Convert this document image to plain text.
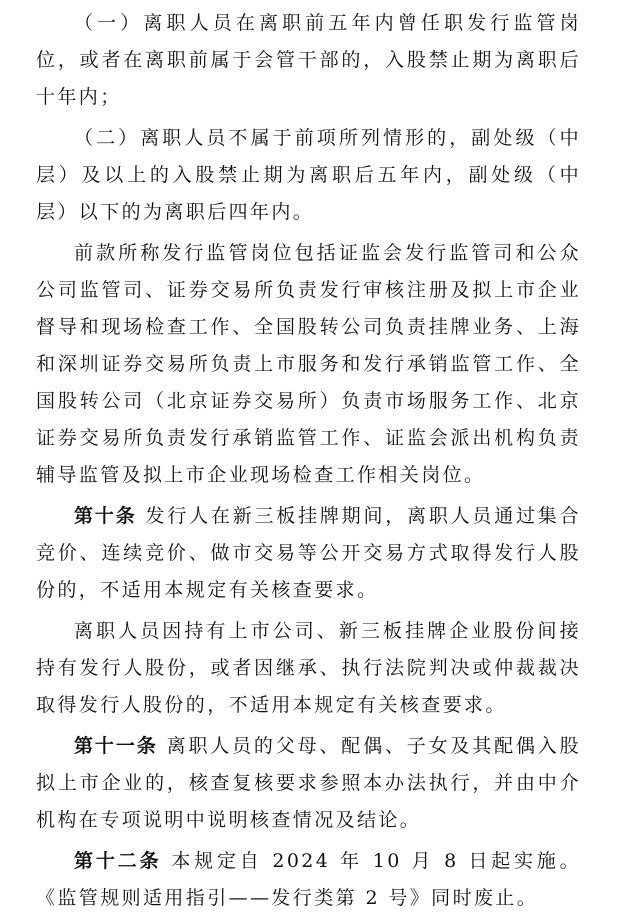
（一）离职人员在离职前五年内曾任职发行监管岗位，或者在离职前属于会管干部的，入股禁止期为离职后十年内；

（二）离职人员不属于前项所列情形的，副处级（中层）及以上的入股禁止期为离职后五年内，副处级（中层）以下的为离职后四年内。

前款所称发行监管岗位包括证监会发行监管司和公众公司监管司、证券交易所负责发行审核注册及拟上市企业督导和现场检查工作、全国股转公司负责挂牌业务、上海和深圳证券交易所负责上市服务和发行承销监管工作、全国股转公司（北京证券交易所）负责市场服务工作、北京证券交易所负责发行承销监管工作、证监会派出机构负责辅导监管及拟上市企业现场检查工作相关岗位。

第十条 发行人在新三板挂牌期间，离职人员通过集合竞价、连续竞价、做市交易等公开交易方式取得发行人股份的，不适用本规定有关核查要求。

离职人员因持有上市公司、新三板挂牌企业股份间接持有发行人股份，或者因继承、执行法院判决或仲裁裁决取得发行人股份的，不适用本规定有关核查要求。

第十一条 离职人员的父母、配偶、子女及其配偶入股拟上市企业的，核查复核要求参照本办法执行，并由中介机构在专项说明中说明核查情况及结论。

第十二条 本规定自 2024 年 10 月 8 日起实施。《监管规则适用指引——发行类第 2 号》同时废止。
